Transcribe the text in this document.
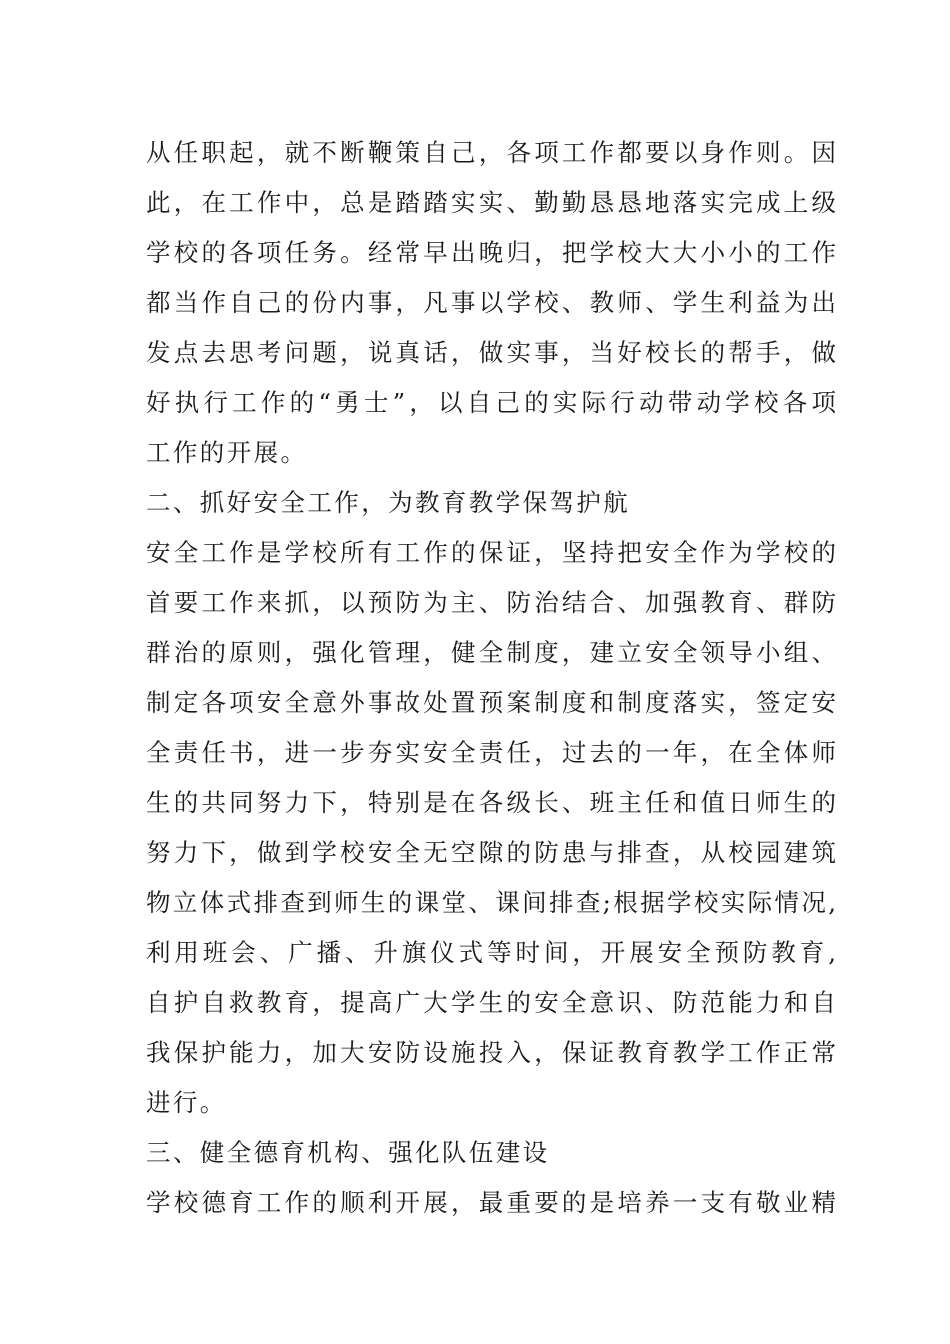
从任职起，就不断鞭策自己，各项工作都要以身作则。因

此，在工作中，总是踏踏实实、勤勤恳恳地落实完成上级

学校的各项任务。经常早出晚归，把学校大大小小的工作

都当作自己的份内事，凡事以学校、教师、学生利益为出

发点去思考问题，说真话，做实事，当好校长的帮手，做

好执行工作的“勇士”，以自己的实际行动带动学校各项

工作的开展。

二、抓好安全工作，为教育教学保驾护航

安全工作是学校所有工作的保证，坚持把安全作为学校的

首要工作来抓，以预防为主、防治结合、加强教育、群防

群治的原则，强化管理，健全制度，建立安全领导小组、

制定各项安全意外事故处置预案制度和制度落实，签定安

全责任书，进一步夯实安全责任，过去的一年，在全体师

生的共同努力下，特别是在各级长、班主任和值日师生的

努力下，做到学校安全无空隙的防患与排查，从校园建筑

物立体式排查到师生的课堂、课间排查;根据学校实际情况,

利用班会、广播、升旗仪式等时间，开展安全预防教育,

自护自救教育，提高广大学生的安全意识、防范能力和自

我保护能力，加大安防设施投入，保证教育教学工作正常

进行。

三、健全德育机构、强化队伍建设

学校德育工作的顺利开展，最重要的是培养一支有敬业精
